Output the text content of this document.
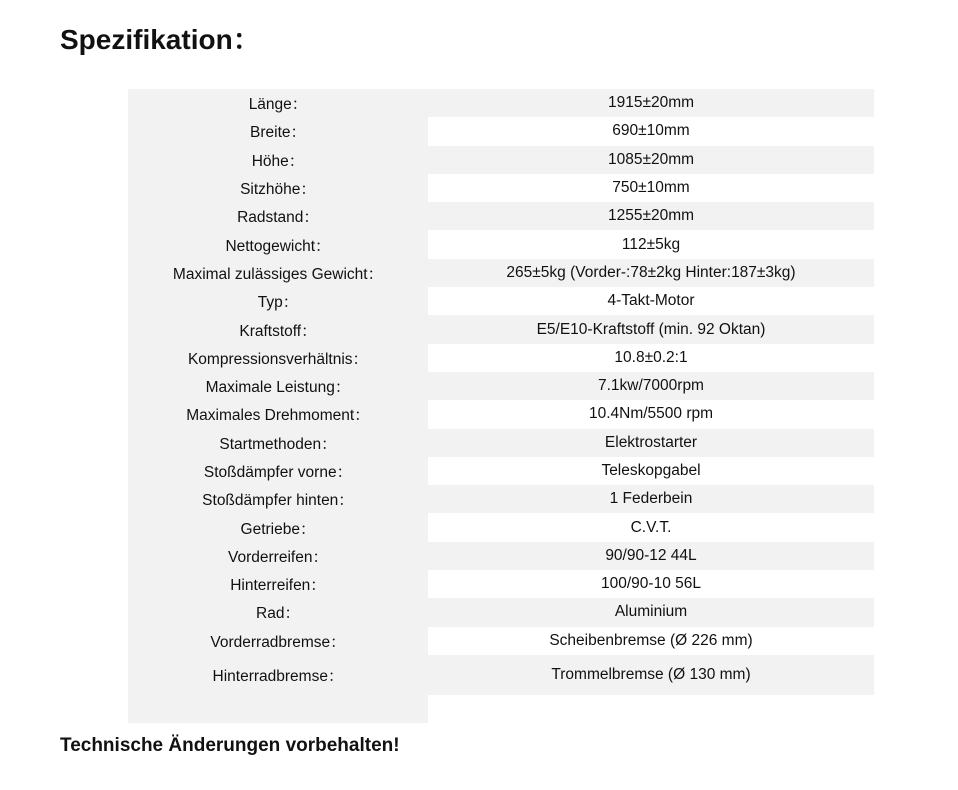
Spezifikation：
Länge：	1915±20mm
Breite：	690±10mm
Höhe：	1085±20mm
Sitzhöhe：	750±10mm
Radstand：	1255±20mm
Nettogewicht：	112±5kg
Maximal zulässiges Gewicht：	265±5kg (Vorder-:78±2kg Hinter:187±3kg)
Typ：	4-Takt-Motor
Kraftstoff：	E5/E10-Kraftstoff (min. 92 Oktan)
Kompressionsverhältnis：	10.8±0.2:1
Maximale Leistung：	7.1kw/7000rpm
Maximales Drehmoment：	10.4Nm/5500 rpm
Startmethoden：	Elektrostarter
Stoßdämpfer vorne：	Teleskopgabel
Stoßdämpfer hinten：	1 Federbein
Getriebe：	C.V.T.
Vorderreifen：	90/90-12 44L
Hinterreifen：	100/90-10 56L
Rad：	Aluminium
Vorderradbremse：	Scheibenbremse (Ø 226 mm)
Hinterradbremse：	Trommelbremse (Ø 130 mm)

Technische Änderungen vorbehalten!
